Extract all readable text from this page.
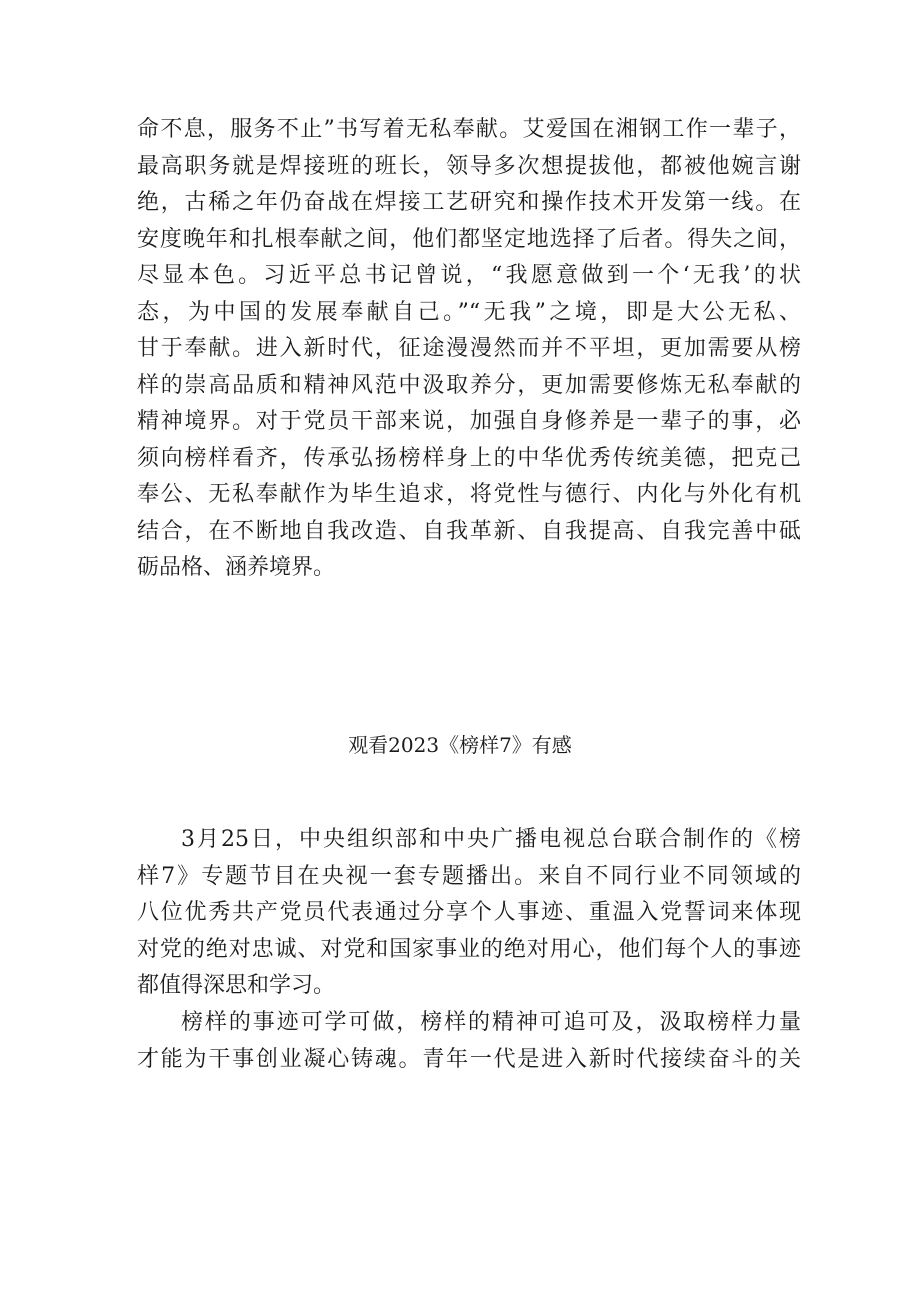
命不息，服务不止”书写着无私奉献。艾爱国在湘钢工作一辈子，
最高职务就是焊接班的班长，领导多次想提拔他，都被他婉言谢
绝，古稀之年仍奋战在焊接工艺研究和操作技术开发第一线。在
安度晚年和扎根奉献之间，他们都坚定地选择了后者。得失之间，
尽显本色。习近平总书记曾说，“我愿意做到一个‘无我’的状
态，为中国的发展奉献自己。”“无我”之境，即是大公无私、
甘于奉献。进入新时代，征途漫漫然而并不平坦，更加需要从榜
样的崇高品质和精神风范中汲取养分，更加需要修炼无私奉献的
精神境界。对于党员干部来说，加强自身修养是一辈子的事，必
须向榜样看齐，传承弘扬榜样身上的中华优秀传统美德，把克己
奉公、无私奉献作为毕生追求，将党性与德行、内化与外化有机
结合，在不断地自我改造、自我革新、自我提高、自我完善中砥
砺品格、涵养境界。
观看2023《榜样7》有感
3月25日，中央组织部和中央广播电视总台联合制作的《榜
样7》专题节目在央视一套专题播出。来自不同行业不同领域的
八位优秀共产党员代表通过分享个人事迹、重温入党誓词来体现
对党的绝对忠诚、对党和国家事业的绝对用心，他们每个人的事迹
都值得深思和学习。
榜样的事迹可学可做，榜样的精神可追可及，汲取榜样力量
才能为干事创业凝心铸魂。青年一代是进入新时代接续奋斗的关
